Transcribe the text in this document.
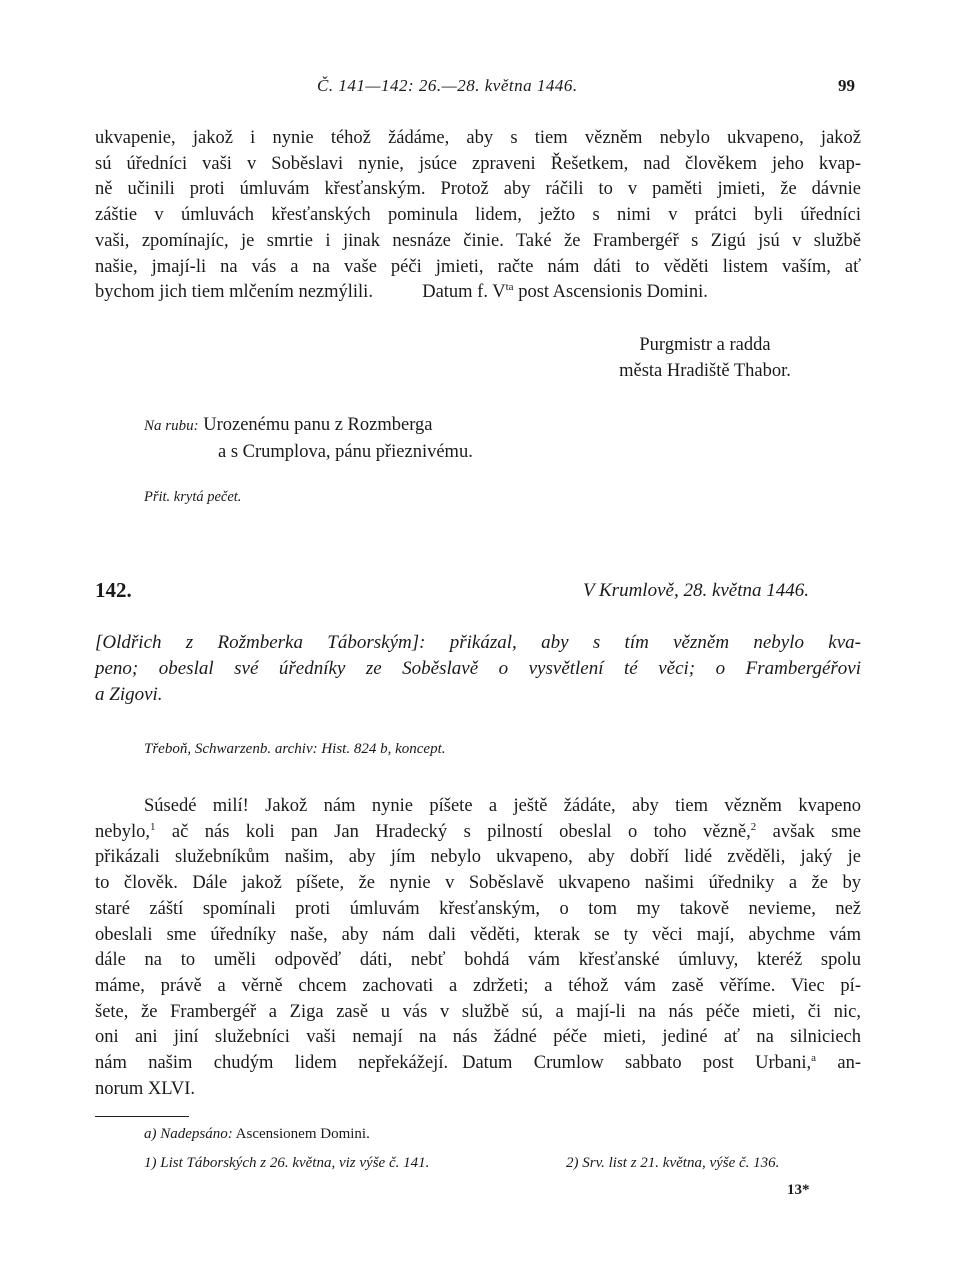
Č. 141—142: 26.—28. května 1446.	99
ukvapenie, jakož i nynie téhož žádáme, aby s tiem vězněm nebylo ukvapeno, jakož
sú úředníci vaši v Soběslavi nynie, jsúce zpraveni Řešetkem, nad člověkem jeho kvap-
ně učinili proti úmluvám křesťanským. Protož aby ráčili to v paměti jmieti, že dávnie
záštie v úmluvách křesťanských pominula lidem, ježto s nimi v prátci byli úředníci
vaši, zpomínajíc, je smrtie i jinak nesnáze činie. Také že Frambergéř s Zigú jsú v službě
našie, jmají-li na vás a na vaše péči jmieti, račte nám dáti to věděti listem vaším, ať
bychom jich tiem mlčením nezmýlili.	Datum f. $V^{ta}$ post Ascensionis Domini.
Purgmistr a radda
města Hradiště Thabor.
Na rubu: Urozenému panu z Rozmberga
a s Crumplova, pánu přieznivému.
Přit. krytá pečet.
142.	V Krumlově, 28. května 1446.
[Oldřich z Rožmberka Táborským]: přikázal, aby s tím vězněm nebylo kva-
peno; obeslal své úředníky ze Soběslavě o vysvětlení té věci; o Frambergéřovi
a Zigovi.
Třeboň, Schwarzenb. archiv: Hist. 824 b, koncept.
Súsedé milí! Jakož nám nynie píšete a ještě žádáte, aby tiem vězněm kvapeno
nebylo,$^1$ ač nás koli pan Jan Hradecký s pilností obeslal o toho vězně,$^2$ avšak sme
přikázali služebníkům našim, aby jím nebylo ukvapeno, aby dobří lidé zvěděli, jaký je
to člověk. Dále jakož píšete, že nynie v Soběslavě ukvapeno našimi úředniky a že by
staré záští spomínali proti úmluvám křesťanským, o tom my takově nevieme, než
obeslali sme úředníky naše, aby nám dali věděti, kterak se ty věci mají, abychme vám
dále na to uměli odpověď dáti, nebť bohdá vám křesťanské úmluvy, kteréž spolu
máme, právě a věrně chcem zachovati a zdržeti; a téhož vám zasě věříme. Viec pí-
šete, že Frambergéř a Ziga zasě u vás v službě sú, a mají-li na nás péče mieti, či nic,
oni ani jiní služebníci vaši nemají na nás žádné péče mieti, jediné ať na silniciech
nám našim chudým lidem nepřekážejí. Datum Crumlow sabbato post Urbani,$^a$ an-
norum XLVI.
a) Nadepsáno: Ascensionem Domini.
1) List Táborských z 26. května, viz výše č. 141.	2) Srv. list z 21. května, výše č. 136.
13*
